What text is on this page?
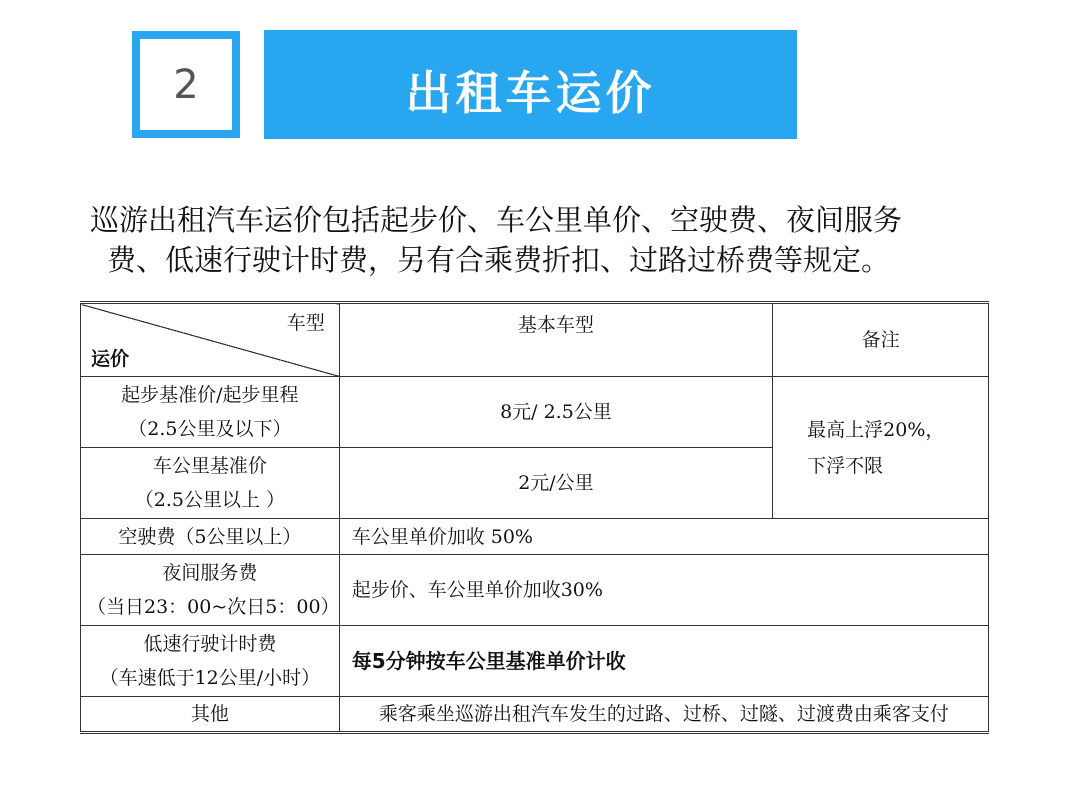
2	出租车运价
巡游出租汽车运价包括起步价、车公里单价、空驶费、夜间服务
费、低速行驶计时费，另有合乘费折扣、过路过桥费等规定。
车型
运价	基本车型	备注

起步基准价/起步里程
（2.5公里及以下）	8元/ 2.5公里	最高上浮20%，
下浮不限

车公里基准价
（2.5公里以上 ）	2元/公里	
空驶费（5公里以上）	车公里单价加收 50%	

夜间服务费
（当日23：00~次日5：00）	起步价、车公里单价加收30%	

低速行驶计时费
（车速低于12公里/小时）	每5分钟按车公里基准单价计收	
其他	乘客乘坐巡游出租汽车发生的过路、过桥、过隧、过渡费由乘客支付	
